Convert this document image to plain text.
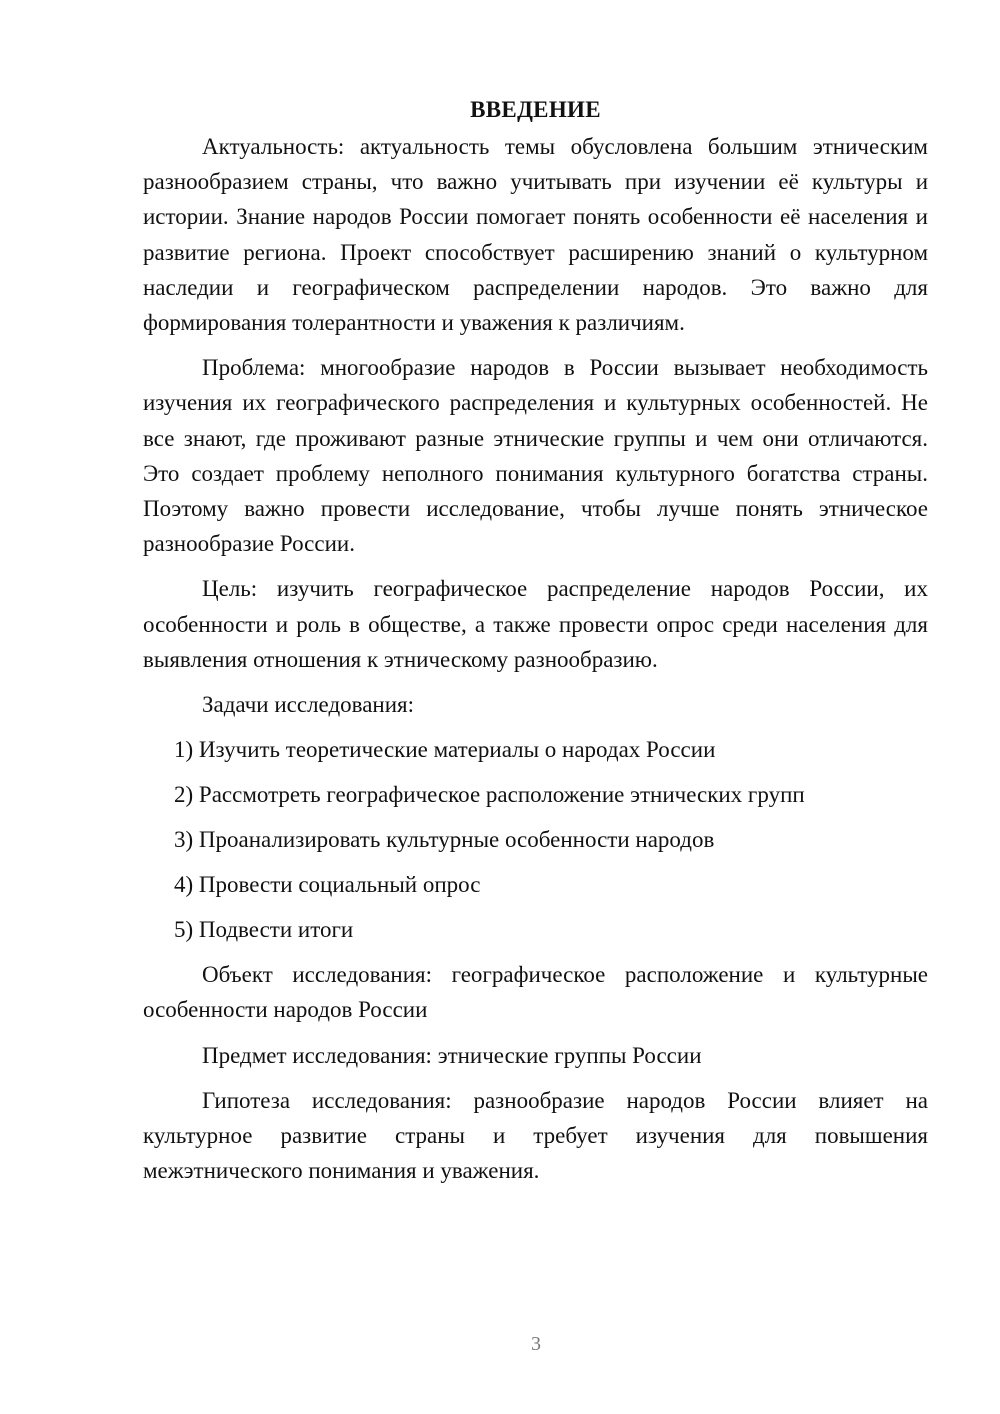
ВВЕДЕНИЕ

Актуальность: актуальность темы обусловлена большим этническим разнообразием страны, что важно учитывать при изучении её культуры и истории. Знание народов России помогает понять особенности её населения и развитие региона. Проект способствует расширению знаний о культурном наследии и географическом распределении народов. Это важно для формирования толерантности и уважения к различиям.

Проблема: многообразие народов в России вызывает необходимость изучения их географического распределения и культурных особенностей. Не все знают, где проживают разные этнические группы и чем они отличаются. Это создает проблему неполного понимания культурного богатства страны. Поэтому важно провести исследование, чтобы лучше понять этническое разнообразие России.

Цель: изучить географическое распределение народов России, их особенности и роль в обществе, а также провести опрос среди населения для выявления отношения к этническому разнообразию.

Задачи исследования:

1) Изучить теоретические материалы о народах России
2) Рассмотреть географическое расположение этнических групп
3) Проанализировать культурные особенности народов
4) Провести социальный опрос
5) Подвести итоги

Объект исследования: географическое расположение и культурные особенности народов России

Предмет исследования: этнические группы России

Гипотеза исследования: разнообразие народов России влияет на культурное развитие страны и требует изучения для повышения межэтнического понимания и уважения.

3
